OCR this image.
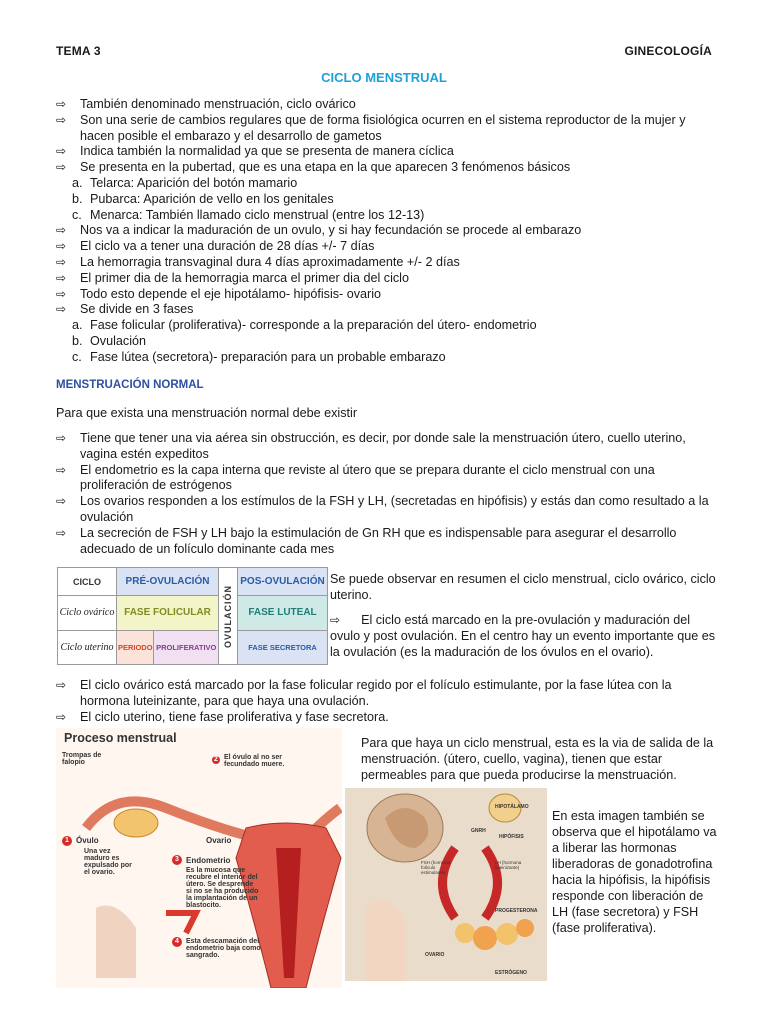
TEMA 3	GINECOLOGÍA
CICLO MENSTRUAL
⇨ También denominado menstruación, ciclo ovárico
⇨ Son una serie de cambios regulares que de forma fisiológica ocurren en el sistema reproductor de la mujer y hacen posible el embarazo y el desarrollo de gametos
⇨ Indica también la normalidad ya que se presenta de manera cíclica
⇨ Se presenta en la pubertad, que es una etapa en la que aparecen 3 fenómenos básicos
a. Telarca: Aparición del botón mamario
b. Pubarca: Aparición de vello en los genitales
c. Menarca: También llamado ciclo menstrual (entre los 12-13)
⇨ Nos va a indicar la maduración de un ovulo, y si hay fecundación se procede al embarazo
⇨ El ciclo va a tener una duración de 28 días +/- 7 días
⇨ La hemorragia transvaginal dura 4 días aproximadamente +/- 2 días
⇨ El primer dia de la hemorragia marca el primer dia del ciclo
⇨ Todo esto depende el eje hipotálamo- hipófisis- ovario
⇨ Se divide en 3 fases
a. Fase folicular (proliferativa)- corresponde a la preparación del útero- endometrio
b. Ovulación
c. Fase lútea (secretora)- preparación para un probable embarazo
MENSTRUACIÓN NORMAL
Para que exista una menstruación normal debe existir
⇨ Tiene que tener una via aérea sin obstrucción, es decir, por donde sale la menstruación útero, cuello uterino, vagina estén expeditos
⇨ El endometrio es la capa interna que reviste al útero que se prepara durante el ciclo menstrual con una proliferación de estrógenos
⇨ Los ovarios responden a los estímulos de la FSH y LH, (secretadas en hipófisis) y estás dan como resultado a la ovulación
⇨ La secreción de FSH y LH bajo la estimulación de Gn RH que es indispensable para asegurar el desarrollo adecuado de un folículo dominante cada mes
CICLO	PRÉ-OVULACIÓN		OVULACIÓN	POS-OVULACIÓN
Ciclo ovárico	FASE FOLICULAR			FASE LUTEAL
Ciclo uterino	PERIODO	PROLIFERATIVO		FASE SECRETORA
Se puede observar en resumen el ciclo menstrual, ciclo ovárico, ciclo uterino.
⇨ El ciclo está marcado en la pre-ovulación y maduración del ovulo y post ovulación. En el centro hay un evento importante que es la ovulación (es la maduración de los óvulos en el ovario).
⇨ El ciclo ovárico está marcado por la fase folicular regido por el folículo estimulante, por la fase lútea con la hormona luteinizante, para que haya una ovulación.
⇨ El ciclo uterino, tiene fase proliferativa y fase secretora.
Proceso menstrual
Trompas de falopio	2 El óvulo al no ser fecundado muere.
1 Óvulo
Una vez maduro es expulsado por el ovario.
Ovario
3 Endometrio
Es la mucosa que recubre el interior del útero. Se desprende si no se ha producido la implantación de un blastocito.
4	Esta descamación del endometrio baja como sangrado.
HIPOTÁLAMO
GNRH
HIPÓFISIS
FSH (hormona folículo estimulante)
LH (hormona luteinizante)
PROGESTERONA
OVARIO
ESTRÓGENO
Para que haya un ciclo menstrual, esta es la via de salida de la menstruación. (útero, cuello, vagina), tienen que estar permeables para que pueda producirse la menstruación.
En esta imagen también se observa que el hipotálamo va a liberar las hormonas liberadoras de gonadotrofina hacia la hipófisis, la hipófisis responde con liberación de LH (fase secretora) y FSH (fase proliferativa).
